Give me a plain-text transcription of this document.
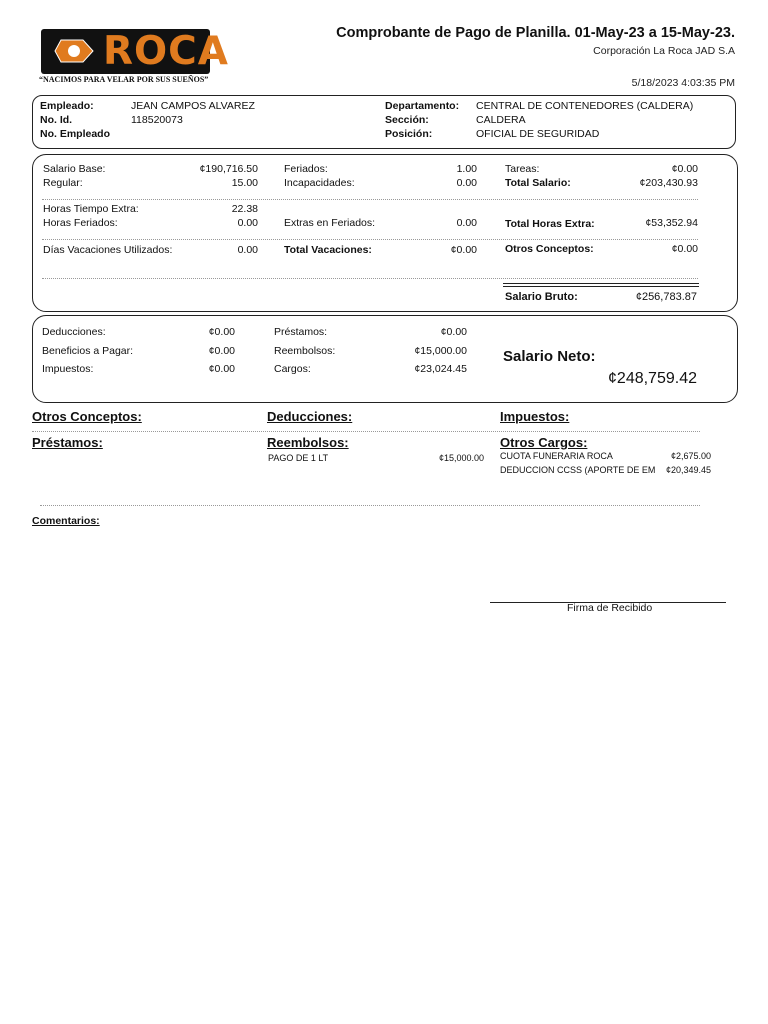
ROCA
“NACIMOS PARA VELAR POR SUS SUEÑOS”
Comprobante de Pago de Planilla. 01-May-23 a 15-May-23.
Corporación La Roca JAD S.A
5/18/2023 4:03:35 PM
Empleado:	JEAN CAMPOS ALVAREZ
No. Id.	118520073
No. Empleado
Departamento: CENTRAL DE CONTENEDORES (CALDERA)
Sección:	CALDERA
Posición:	OFICIAL DE SEGURIDAD
Salario Base:	¢190,716.50
Regular:	15.00
Feriados:	1.00
Incapacidades:	0.00
Tareas:	¢0.00
Total Salario:	¢203,430.93
Horas Tiempo Extra:	22.38
Horas Feriados:	0.00 Extras en Feriados:	0.00	Total Horas Extra:	¢53,352.94
Días Vacaciones Utilizados:	0.00 Total Vacaciones:	¢0.00	Otros Conceptos:	¢0.00
Salario Bruto:	¢256,783.87
Deducciones:	¢0.00
Beneficios a Pagar:	¢0.00
Impuestos:	¢0.00
Préstamos:	¢0.00
Reembolsos:	¢15,000.00
Cargos:	¢23,024.45
Salario Neto:
¢248,759.42
Otros Conceptos:	Deducciones:	Impuestos:
Préstamos:	Reembolsos:	Otros Cargos:
PAGO DE 1 LT	¢15,000.00 CUOTA FUNERARIA ROCA	¢2,675.00
DEDUCCION CCSS (APORTE DE EM	¢20,349.45
Comentarios:
Firma de Recibido
